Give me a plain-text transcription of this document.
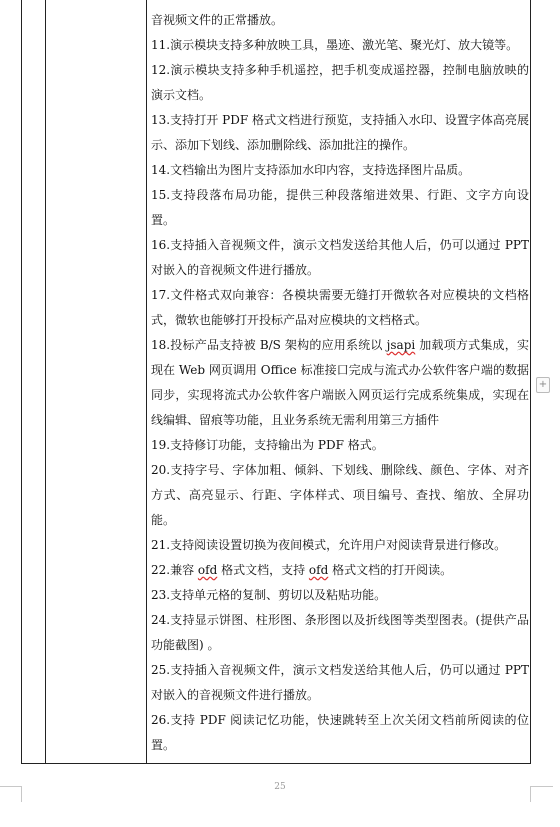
音视频文件的正常播放。

11.演示模块支持多种放映工具，墨迹、激光笔、聚光灯、放大镜等。

12.演示模块支持多种手机遥控，把手机变成遥控器，控制电脑放映的演示文档。

13.支持打开 PDF 格式文档进行预览，支持插入水印、设置字体高亮展示、添加下划线、添加删除线、添加批注的操作。

14.文档输出为图片支持添加水印内容，支持选择图片品质。

15.支持段落布局功能，提供三种段落缩进效果、行距、文字方向设置。

16.支持插入音视频文件，演示文档发送给其他人后，仍可以通过 PPT 对嵌入的音视频文件进行播放。

17.文件格式双向兼容：各模块需要无缝打开微软各对应模块的文档格式，微软也能够打开投标产品对应模块的文档格式。

18.投标产品支持被 B/S 架构的应用系统以 jsapi 加载项方式集成，实现在 Web 网页调用 Office 标准接口完成与流式办公软件客户端的数据同步，实现将流式办公软件客户端嵌入网页运行完成系统集成，实现在线编辑、留痕等功能，且业务系统无需利用第三方插件

19.支持修订功能，支持输出为 PDF 格式。

20.支持字号、字体加粗、倾斜、下划线、删除线、颜色、字体、对齐方式、高亮显示、行距、字体样式、项目编号、查找、缩放、全屏功能。

21.支持阅读设置切换为夜间模式，允许用户对阅读背景进行修改。

22.兼容 ofd 格式文档，支持 ofd 格式文档的打开阅读。

23.支持单元格的复制、剪切以及粘贴功能。

24.支持显示饼图、柱形图、条形图以及折线图等类型图表。(提供产品功能截图) 。

25.支持插入音视频文件，演示文档发送给其他人后，仍可以通过 PPT 对嵌入的音视频文件进行播放。

26.支持 PDF 阅读记忆功能，快速跳转至上次关闭文档前所阅读的位置。

25
+
